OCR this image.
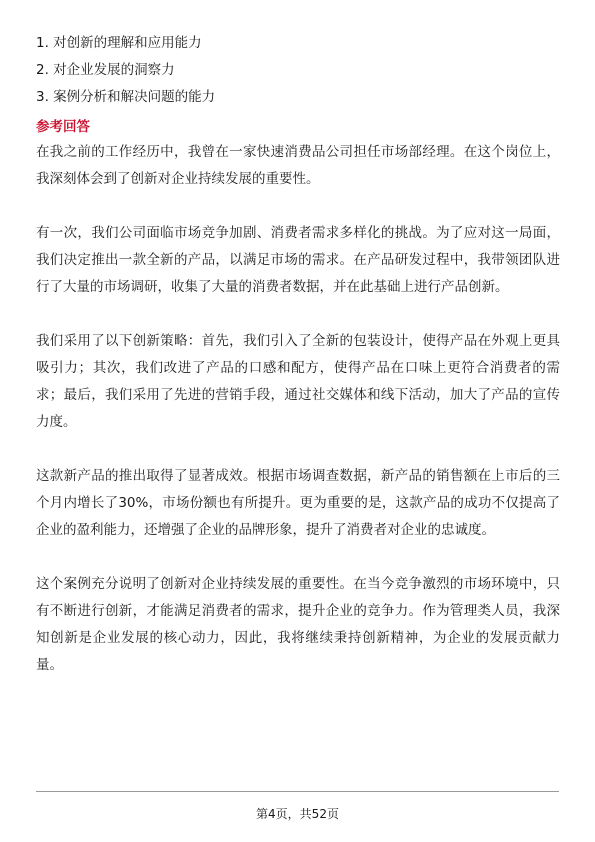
1. 对创新的理解和应用能力
2. 对企业发展的洞察力
3. 案例分析和解决问题的能力
参考回答

在我之前的工作经历中，我曾在一家快速消费品公司担任市场部经理。在这个岗位上，我深刻体会到了创新对企业持续发展的重要性。

有一次，我们公司面临市场竞争加剧、消费者需求多样化的挑战。为了应对这一局面，我们决定推出一款全新的产品，以满足市场的需求。在产品研发过程中，我带领团队进行了大量的市场调研，收集了大量的消费者数据，并在此基础上进行产品创新。

我们采用了以下创新策略：首先，我们引入了全新的包装设计，使得产品在外观上更具吸引力；其次，我们改进了产品的口感和配方，使得产品在口味上更符合消费者的需求；最后，我们采用了先进的营销手段，通过社交媒体和线下活动，加大了产品的宣传力度。

这款新产品的推出取得了显著成效。根据市场调查数据，新产品的销售额在上市后的三个月内增长了30%，市场份额也有所提升。更为重要的是，这款产品的成功不仅提高了企业的盈利能力，还增强了企业的品牌形象，提升了消费者对企业的忠诚度。

这个案例充分说明了创新对企业持续发展的重要性。在当今竞争激烈的市场环境中，只有不断进行创新，才能满足消费者的需求，提升企业的竞争力。作为管理类人员，我深知创新是企业发展的核心动力，因此，我将继续秉持创新精神，为企业的发展贡献力量。

第4页，共52页
